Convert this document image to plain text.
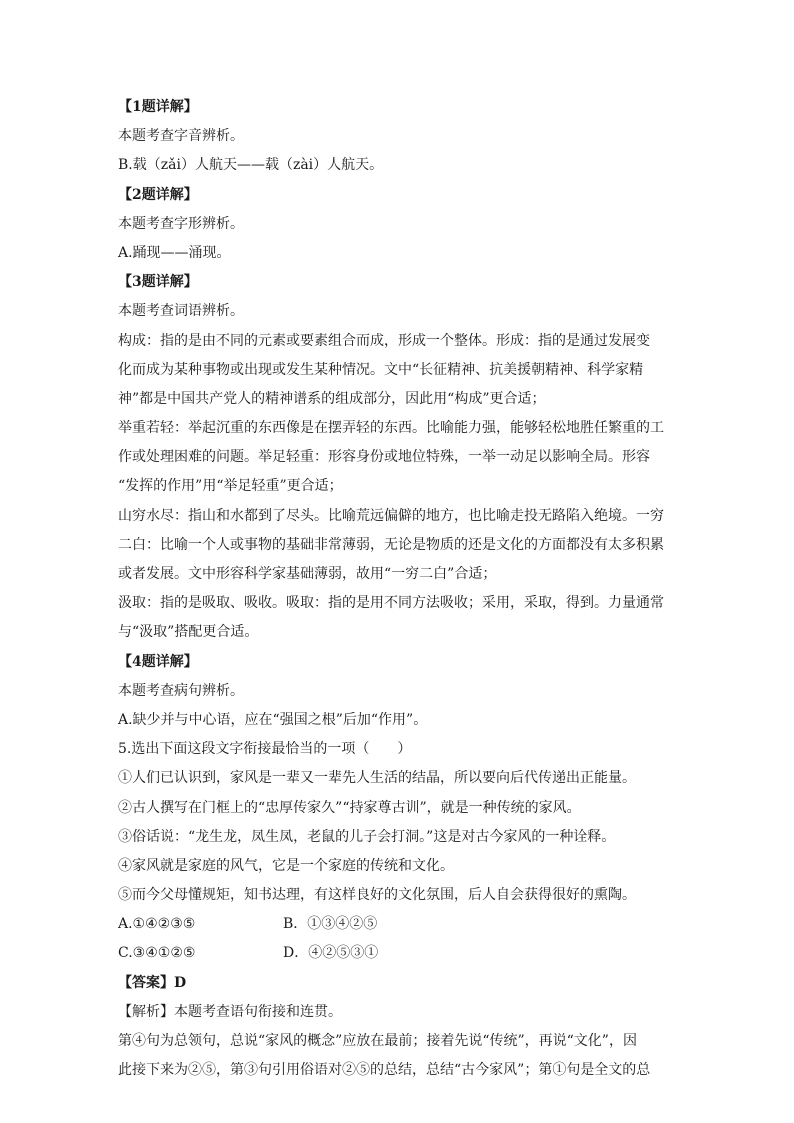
【1题详解】
本题考查字音辨析。
B.载（zǎi）人航天——载（zài）人航天。
【2题详解】
本题考查字形辨析。
A.踊现——涌现。
【3题详解】
本题考查词语辨析。
构成：指的是由不同的元素或要素组合而成，形成一个整体。形成：指的是通过发展变
化而成为某种事物或出现或发生某种情况。文中“长征精神、抗美援朝精神、科学家精
神”都是中国共产党人的精神谱系的组成部分，因此用“构成”更合适；
举重若轻：举起沉重的东西像是在摆弄轻的东西。比喻能力强，能够轻松地胜任繁重的工
作或处理困难的问题。举足轻重：形容身份或地位特殊，一举一动足以影响全局。形容
“发挥的作用”用“举足轻重”更合适；
山穷水尽：指山和水都到了尽头。比喻荒远偏僻的地方，也比喻走投无路陷入绝境。一穷
二白：比喻一个人或事物的基础非常薄弱，无论是物质的还是文化的方面都没有太多积累
或者发展。文中形容科学家基础薄弱，故用“一穷二白”合适；
汲取：指的是吸取、吸收。吸取：指的是用不同方法吸收；采用，采取，得到。力量通常
与“汲取”搭配更合适。
【4题详解】
本题考查病句辨析。
A.缺少并与中心语，应在“强国之根”后加“作用”。
5.选出下面这段文字衔接最恰当的一项（　　）
①人们已认识到，家风是一辈又一辈先人生活的结晶，所以要向后代传递出正能量。
②古人撰写在门框上的“忠厚传家久”“持家尊古训”，就是一种传统的家风。
③俗话说：“龙生龙，凤生凤，老鼠的儿子会打洞。”这是对古今家风的一种诠释。
④家风就是家庭的风气，它是一个家庭的传统和文化。
⑤而今父母懂规矩，知书达理，有这样良好的文化氛围，后人自会获得很好的熏陶。
A.①④②③⑤	B．①③④②⑤
C.③④①②⑤	D．④②⑤③①
【答案】D
【解析】本题考查语句衔接和连贯。
第④句为总领句，总说“家风的概念”应放在最前；接着先说“传统”，再说“文化”，因
此接下来为②⑤，第③句引用俗语对②⑤的总结，总结“古今家风”；第①句是全文的总
